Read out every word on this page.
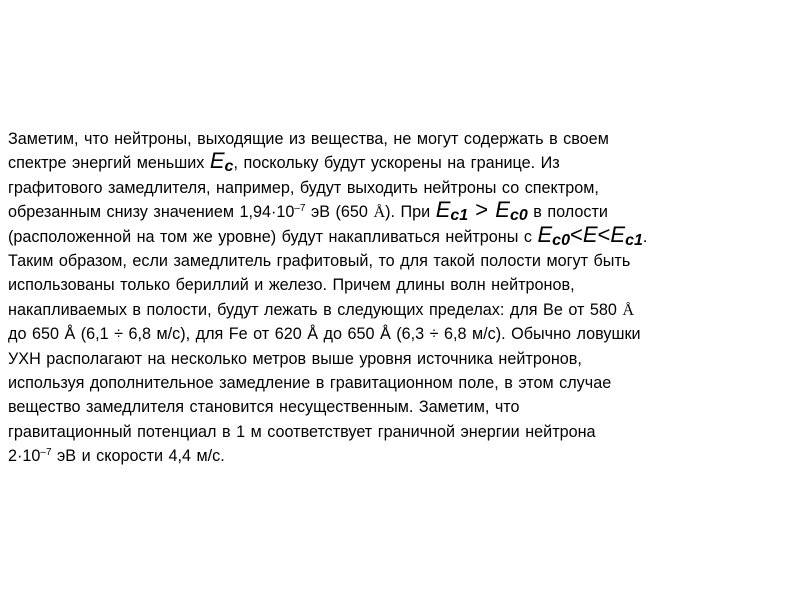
Заметим, что нейтроны, выходящие из вещества, не могут содержать в своем
спектре энергий меньших Ec, поскольку будут ускорены на границе. Из
графитового замедлителя, например, будут выходить нейтроны со спектром,
обрезанным снизу значением $1,94\cdot 10^{-7}$ эВ (650 Å). При Ec1 > Ec0 в полости
(расположенной на том же уровне) будут накапливаться нейтроны с Ec0<E<Ec1.
Таким образом, если замедлитель графитовый, то для такой полости могут быть
использованы только бериллий и железо. Причем длины волн нейтронов,
накапливаемых в полости, будут лежать в следующих пределах: для Be от 580 Å
до 650 Å (6,1 ÷ 6,8 м/с), для Fe от 620 Å до 650 Å (6,3 ÷ 6,8 м/с). Обычно ловушки
УХН располагают на несколько метров выше уровня источника нейтронов,
используя дополнительное замедление в гравитационном поле, в этом случае
вещество замедлителя становится несущественным. Заметим, что
гравитационный потенциал в 1 м соответствует граничной энергии нейтрона
$2\cdot 10^{-7}$ эВ и скорости 4,4 м/с.
